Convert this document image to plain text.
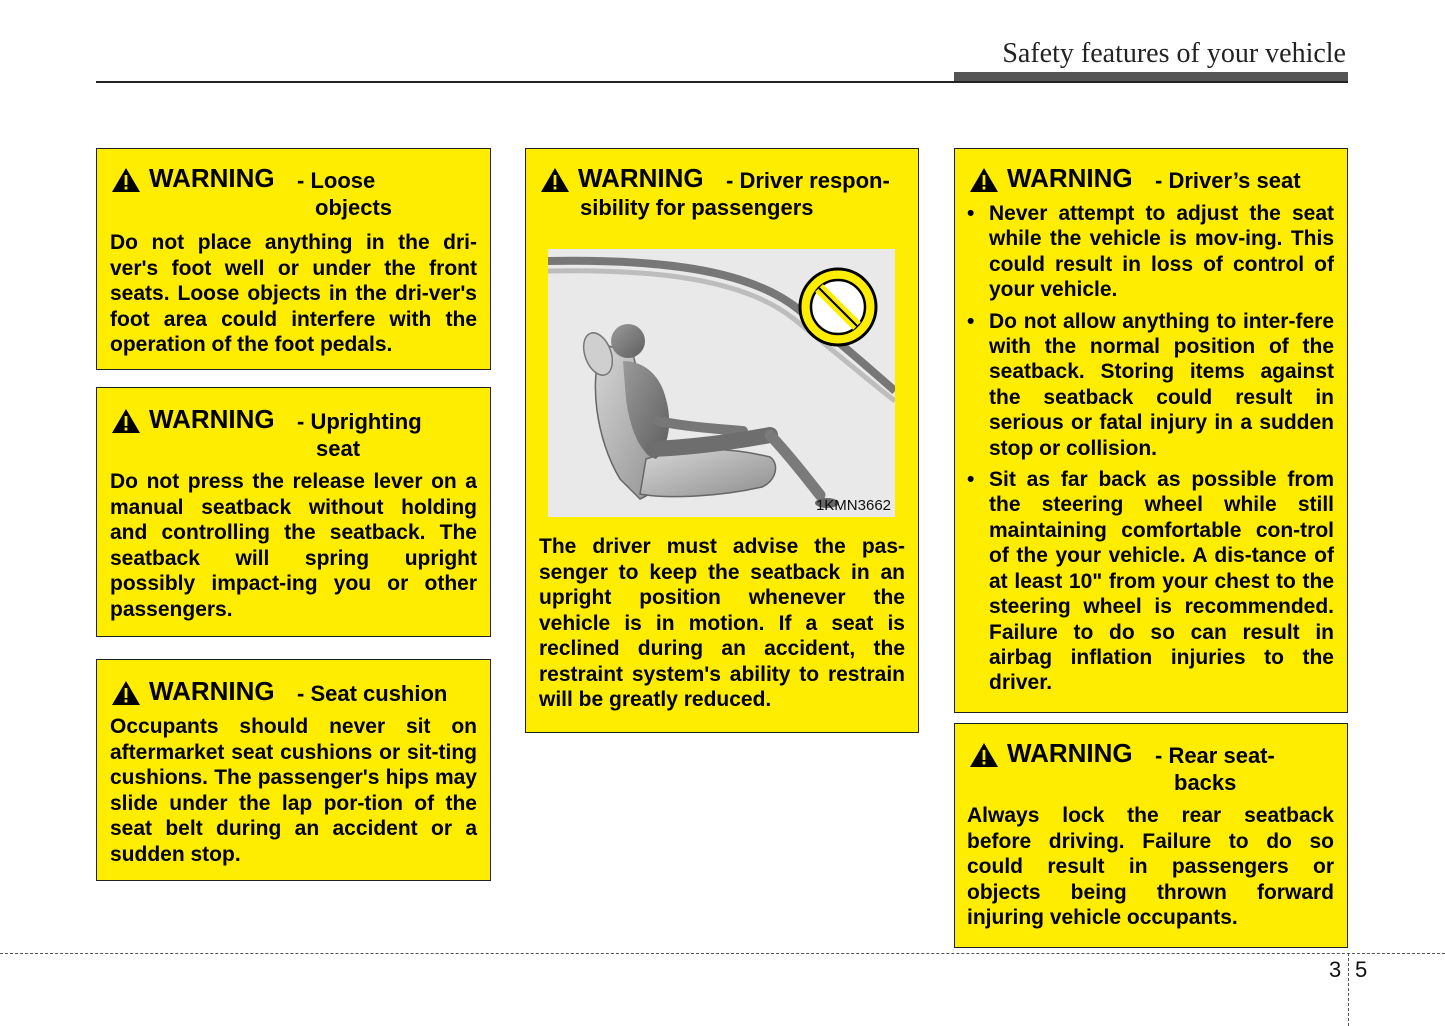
Safety features of your vehicle
WARNING - Loose
objects
Do not place anything in the dri-ver's foot well or under the front seats. Loose objects in the dri-ver's foot area could interfere with the operation of the foot pedals.
WARNING - Uprighting
seat
Do not press the release lever on a manual seatback without holding and controlling the seatback. The seatback will spring upright possibly impact-ing you or other passengers.
WARNING - Seat cushion
Occupants should never sit on aftermarket seat cushions or sit-ting cushions. The passenger's hips may slide under the lap por-tion of the seat belt during an accident or a sudden stop.
WARNING - Driver respon-
sibility for passengers
The driver must advise the pas-senger to keep the seatback in an upright position whenever the vehicle is in motion. If a seat is reclined during an accident, the restraint system's ability to restrain will be greatly reduced.
1KMN3662
WARNING - Driver’s seat
• Never attempt to adjust the seat while the vehicle is mov-ing. This could result in loss of control of your vehicle.
• Do not allow anything to inter-fere with the normal position of the seatback. Storing items against the seatback could result in serious or fatal injury in a sudden stop or collision.
• Sit as far back as possible from the steering wheel while still maintaining comfortable con-trol of the your vehicle. A dis-tance of at least 10" from your chest to the steering wheel is recommended. Failure to do so can result in airbag inflation injuries to the driver.
WARNING - Rear seat-
backs
Always lock the rear seatback before driving. Failure to do so could result in passengers or objects being thrown forward injuring vehicle occupants.
3 5
